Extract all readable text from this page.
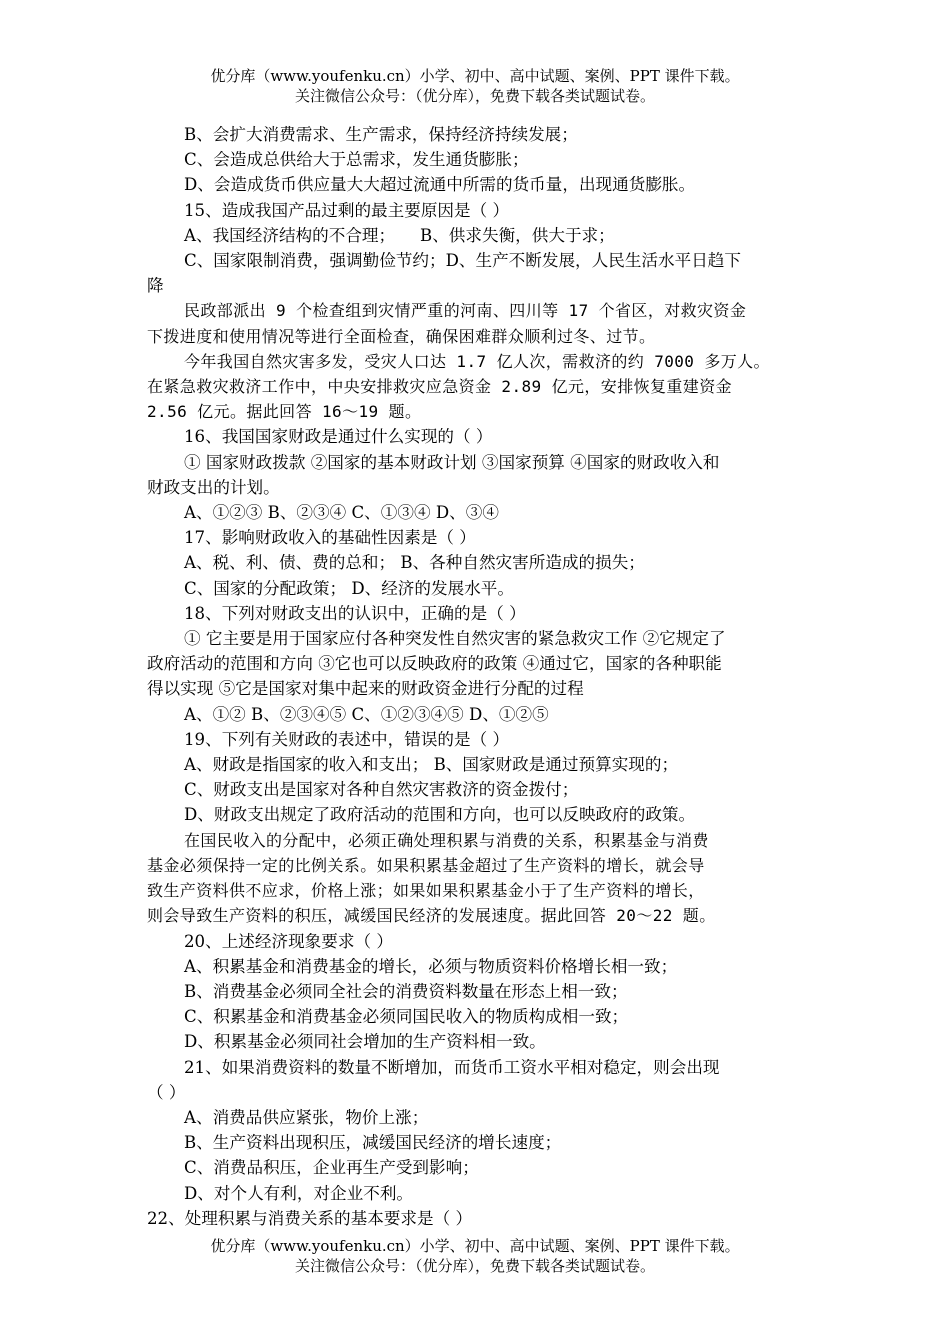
优分库（www.youfenku.cn）小学、初中、高中试题、案例、PPT 课件下载。
关注微信公众号：（优分库），免费下载各类试题试卷。
B、会扩大消费需求、生产需求，保持经济持续发展；
C、会造成总供给大于总需求，发生通货膨胀；
D、会造成货币供应量大大超过流通中所需的货币量，出现通货膨胀。
15、造成我国产品过剩的最主要原因是（ ）
A、我国经济结构的不合理；　　B、供求失衡，供大于求；
C、国家限制消费，强调勤俭节约；D、生产不断发展，人民生活水平日趋下
降
民政部派出 9 个检查组到灾情严重的河南、四川等 17 个省区，对救灾资金
下拨进度和使用情况等进行全面检查，确保困难群众顺利过冬、过节。
今年我国自然灾害多发，受灾人口达 1.7 亿人次，需救济的约 7000 多万人。
在紧急救灾救济工作中，中央安排救灾应急资金 2.89 亿元，安排恢复重建资金
2.56 亿元。据此回答 16～19 题。
16、我国国家财政是通过什么实现的（ ）
① 国家财政拨款 ②国家的基本财政计划 ③国家预算 ④国家的财政收入和
财政支出的计划。
A、①②③ B、②③④ C、①③④ D、③④
17、影响财政收入的基础性因素是（ ）
A、税、利、债、费的总和； B、各种自然灾害所造成的损失；
C、国家的分配政策； D、经济的发展水平。
18、下列对财政支出的认识中，正确的是（ ）
① 它主要是用于国家应付各种突发性自然灾害的紧急救灾工作 ②它规定了
政府活动的范围和方向 ③它也可以反映政府的政策 ④通过它，国家的各种职能
得以实现 ⑤它是国家对集中起来的财政资金进行分配的过程
A、①② B、②③④⑤ C、①②③④⑤ D、①②⑤
19、下列有关财政的表述中，错误的是（ ）
A、财政是指国家的收入和支出； B、国家财政是通过预算实现的；
C、财政支出是国家对各种自然灾害救济的资金拨付；
D、财政支出规定了政府活动的范围和方向，也可以反映政府的政策。
在国民收入的分配中，必须正确处理积累与消费的关系，积累基金与消费
基金必须保持一定的比例关系。如果积累基金超过了生产资料的增长，就会导
致生产资料供不应求，价格上涨；如果如果积累基金小于了生产资料的增长，
则会导致生产资料的积压，减缓国民经济的发展速度。据此回答 20～22 题。
20、上述经济现象要求（ ）
A、积累基金和消费基金的增长，必须与物质资料价格增长相一致；
B、消费基金必须同全社会的消费资料数量在形态上相一致；
C、积累基金和消费基金必须同国民收入的物质构成相一致；
D、积累基金必须同社会增加的生产资料相一致。
21、如果消费资料的数量不断增加，而货币工资水平相对稳定，则会出现
（ ）
A、消费品供应紧张，物价上涨；
B、生产资料出现积压，减缓国民经济的增长速度；
C、消费品积压，企业再生产受到影响；
D、对个人有利，对企业不利。
22、处理积累与消费关系的基本要求是（ ）
优分库（www.youfenku.cn）小学、初中、高中试题、案例、PPT 课件下载。
关注微信公众号：（优分库），免费下载各类试题试卷。
